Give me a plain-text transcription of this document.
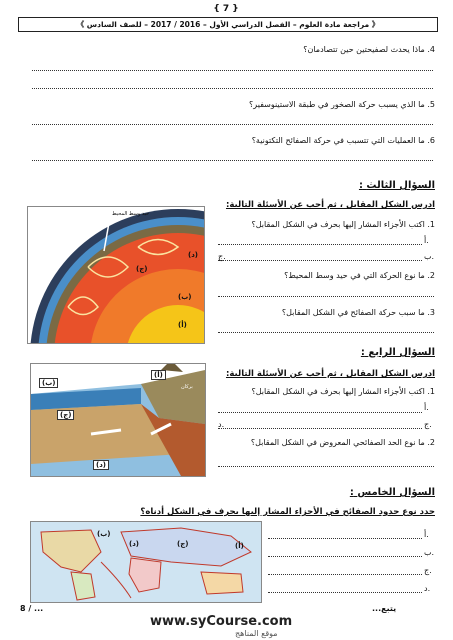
{ 7 }
《 مراجعة مادة العلوم – الفصل الدراسي الأول – 2016 / 2017 – للصف السادس 》
4. ماذا يحدث لصفيحتين حين تتصادمان؟
5. ما الذي يسبب حركة الصخور في طبقة الاستينوسفير؟
6. ما العمليات التي تتسبب في حركة الصفائح التكتونية؟
السؤال الثالث :
ادرس الشكل المقابل ، ثم أجب عن الأسئلة التالية:
حيد وسط المحيط
اخدود
(ج)
(ب)
(أ)
(د)
1. اكتب الأجزاء المشار إليها بحرف في الشكل المقابل؟
أ.
ب.
ج.
2. ما نوع الحركة التي في حيد وسط المحيط؟
3. ما سبب حركة الصفائح في الشكل المقابل؟
السؤال الرابع :
ادرس الشكل المقابل ، ثم أجب عن الأسئلة التالية:
(ب)
(أ)
(ج)
(د)
محيط
بركان	1. اكتب الأجزاء المشار إليها بحرف في الشكل المقابل؟
أ.
ج.
د.
2. ما نوع الحد الصفائحي المعروض في الشكل المقابل؟
السؤال الخامس :
حدد نوع حدود الصفائح في الأجزاء المشار إليها بحرف في الشكل أدناه؟
(ب)
(أ)
(ج)
(د)
أ.
ب.
ج.
د.
8 / ...	يتبع...
www.syCourse.com
موقع المناهج
